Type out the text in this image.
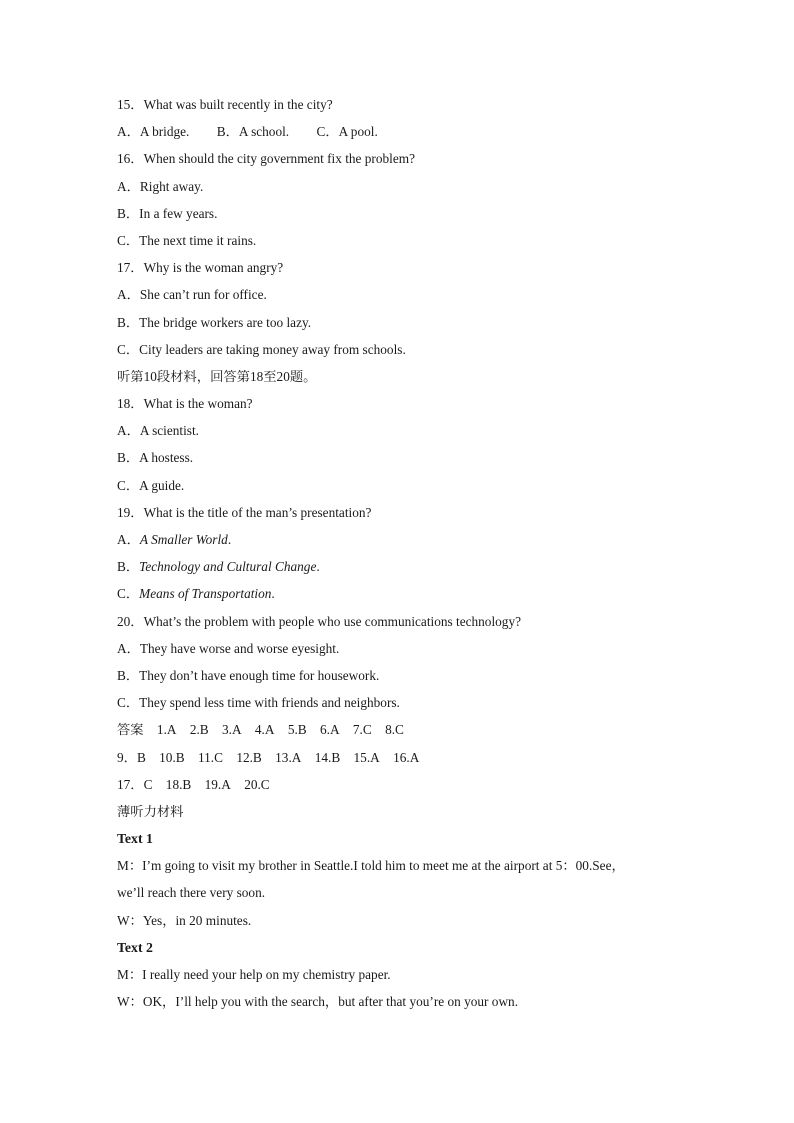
15．What was built recently in the city?
A．A bridge. B．A school. C．A pool.
16．When should the city government fix the problem?
A．Right away.
B．In a few years.
C．The next time it rains.
17．Why is the woman angry?
A．She can’t run for office.
B．The bridge workers are too lazy.
C．City leaders are taking money away from schools.
听第10段材料，回答第18至20题。
18．What is the woman?
A．A scientist.
B．A hostess.
C．A guide.
19．What is the title of the man’s presentation?
A．A Smaller World.
B．Technology and Cultural Change.
C．Means of Transportation.
20．What’s the problem with people who use communications technology?
A．They have worse and worse eyesight.
B．They don’t have enough time for housework.
C．They spend less time with friends and neighbors.
答案 1.A 2.B 3.A 4.A 5.B 6.A 7.C 8.C
9．B 10.B 11.C 12.B 13.A 14.B 15.A 16.A
17．C 18.B 19.A 20.C
薄听力材料
Text 1
M：I’m going to visit my brother in Seattle.I told him to meet me at the airport at 5：00.See，
we’ll reach there very soon.
W：Yes，in 20 minutes.
Text 2
M：I really need your help on my chemistry paper.
W：OK，I’ll help you with the search，but after that you’re on your own.
